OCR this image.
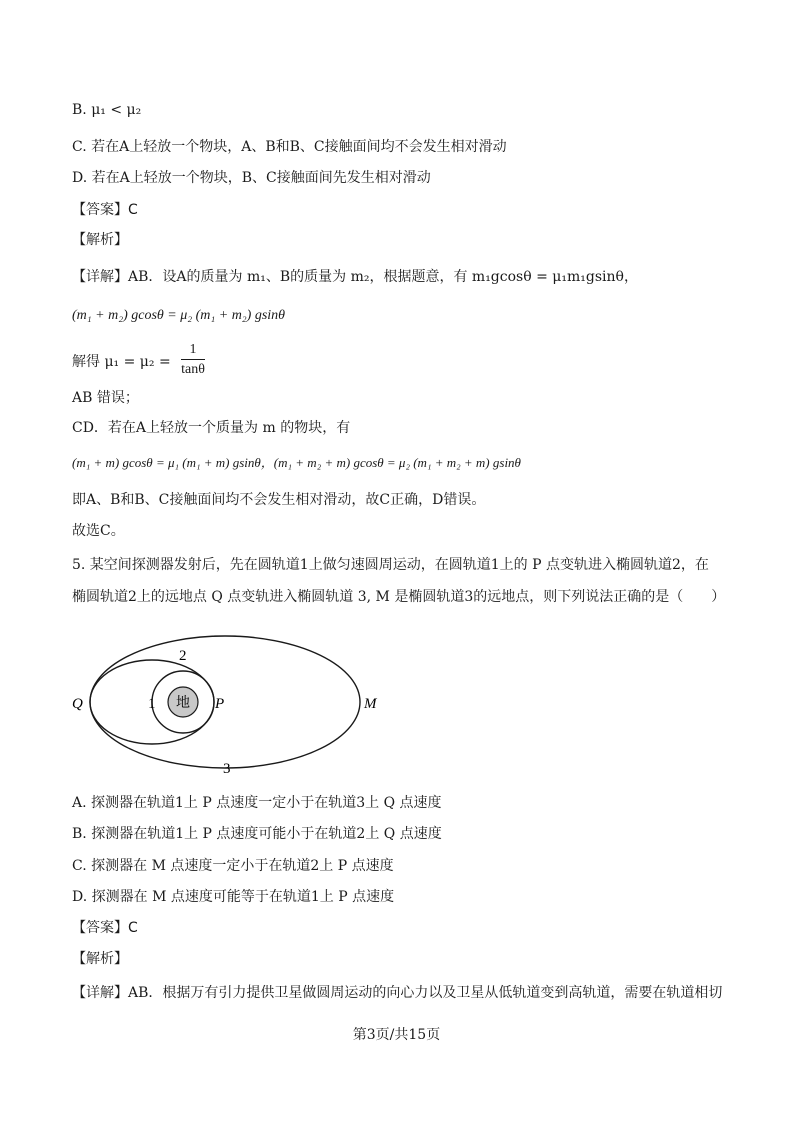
B. μ₁ < μ₂
C. 若在A上轻放一个物块，A、B和B、C接触面间均不会发生相对滑动
D. 若在A上轻放一个物块，B、C接触面间先发生相对滑动
【答案】C
【解析】
【详解】AB．设A的质量为 m₁、B的质量为 m₂，根据题意，有 m₁gcosθ = μ₁m₁gsinθ，
(m₁ + m₂) gcosθ = μ₂ (m₁ + m₂) gsinθ
解得 $\mu_1 = \mu_2 = \frac{1}{\tan\theta}$
AB 错误；
CD．若在A上轻放一个质量为 m 的物块，有
(m₁ + m) gcosθ = μ₁ (m₁ + m) gsinθ，(m₁ + m₂ + m) gcosθ = μ₂ (m₁ + m₂ + m) gsinθ
即A、B和B、C接触面间均不会发生相对滑动，故C正确，D错误。
故选C。
5. 某空间探测器发射后，先在圆轨道1上做匀速圆周运动，在圆轨道1上的 P 点变轨进入椭圆轨道2，在
椭圆轨道2上的远地点 Q 点变轨进入椭圆轨道 3, M 是椭圆轨道3的远地点，则下列说法正确的是（　　）
地
1
2
3
P
Q	M
A. 探测器在轨道1上 P 点速度一定小于在轨道3上 Q 点速度
B. 探测器在轨道1上 P 点速度可能小于在轨道2上 Q 点速度
C. 探测器在 M 点速度一定小于在轨道2上 P 点速度
D. 探测器在 M 点速度可能等于在轨道1上 P 点速度
【答案】C
【解析】
【详解】AB．根据万有引力提供卫星做圆周运动的向心力以及卫星从低轨道变到高轨道，需要在轨道相切
第3页/共15页
